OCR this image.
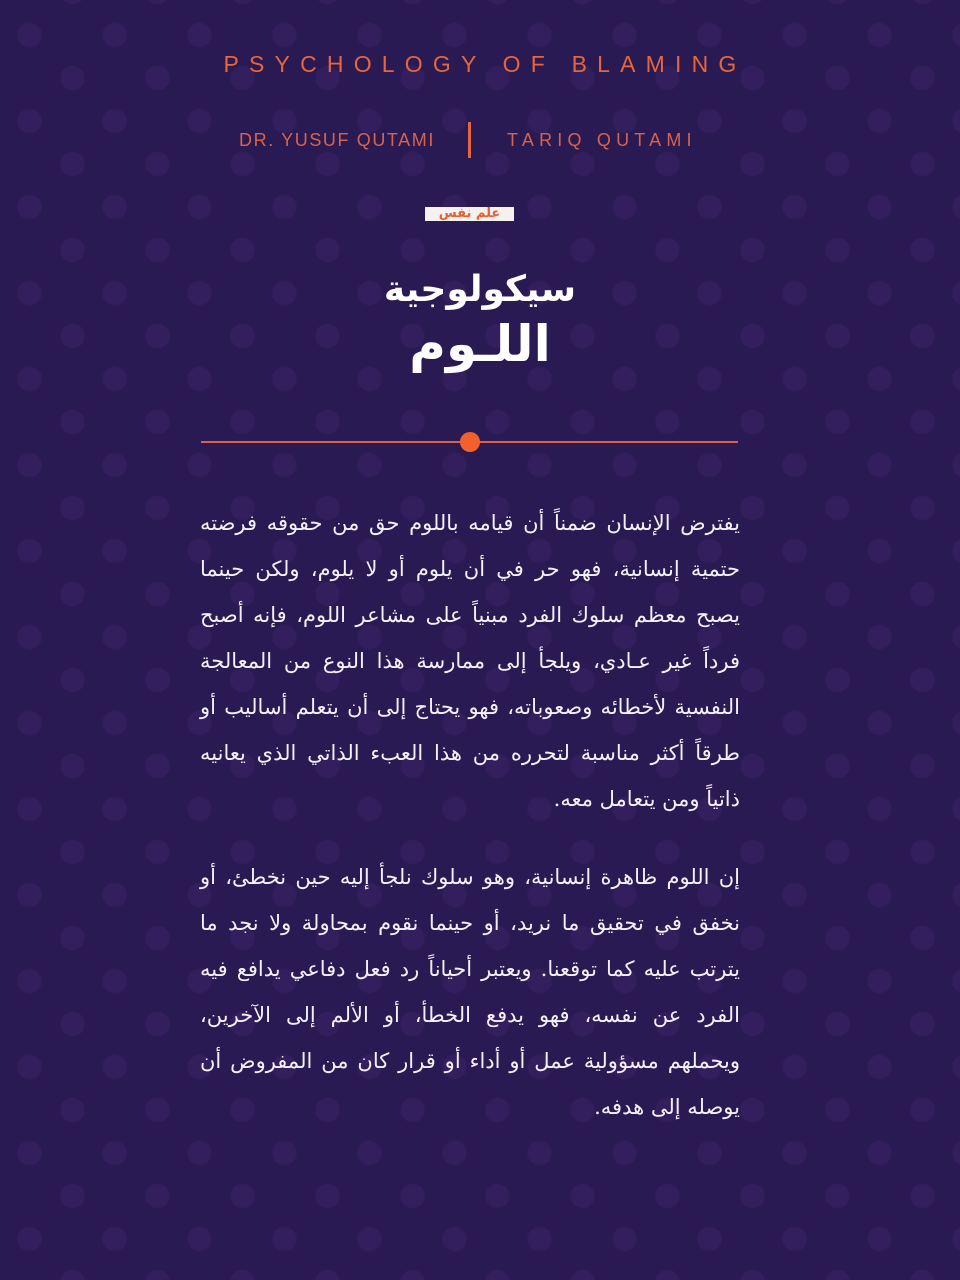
PSYCHOLOGY OF BLAMING
DR. YUSUF QUTAMI	TARIQ QUTAMI
علم نفس
سيكولوجية
اللـوم

يفترض الإنسان ضمناً أن قيامه باللوم حق من حقوقه فرضته حتمية إنسانية، فهو حر في أن يلوم أو لا يلوم، ولكن حينما يصبح معظم سلوك الفرد مبنياً على مشاعر اللوم، فإنه أصبح فرداً غير عـادي، ويلجأ إلى ممارسة هذا النوع من المعالجة النفسية لأخطائه وصعوباته، فهو يحتاج إلى أن يتعلم أساليب أو طرقاً أكثر مناسبة لتحرره من هذا العبء الذاتي الذي يعانيه ذاتياً ومن يتعامل معه.

إن اللوم ظاهرة إنسانية، وهو سلوك نلجأ إليه حين نخطئ، أو نخفق في تحقيق ما نريد، أو حينما نقوم بمحاولة ولا نجد ما يترتب عليه كما توقعنا. ويعتبر أحياناً رد فعل دفاعي يدافع فيه الفرد عن نفسه، فهو يدفع الخطأ، أو الألم إلى الآخرين، ويحملهم مسؤولية عمل أو أداء أو قرار كان من المفروض أن يوصله إلى هدفه.
